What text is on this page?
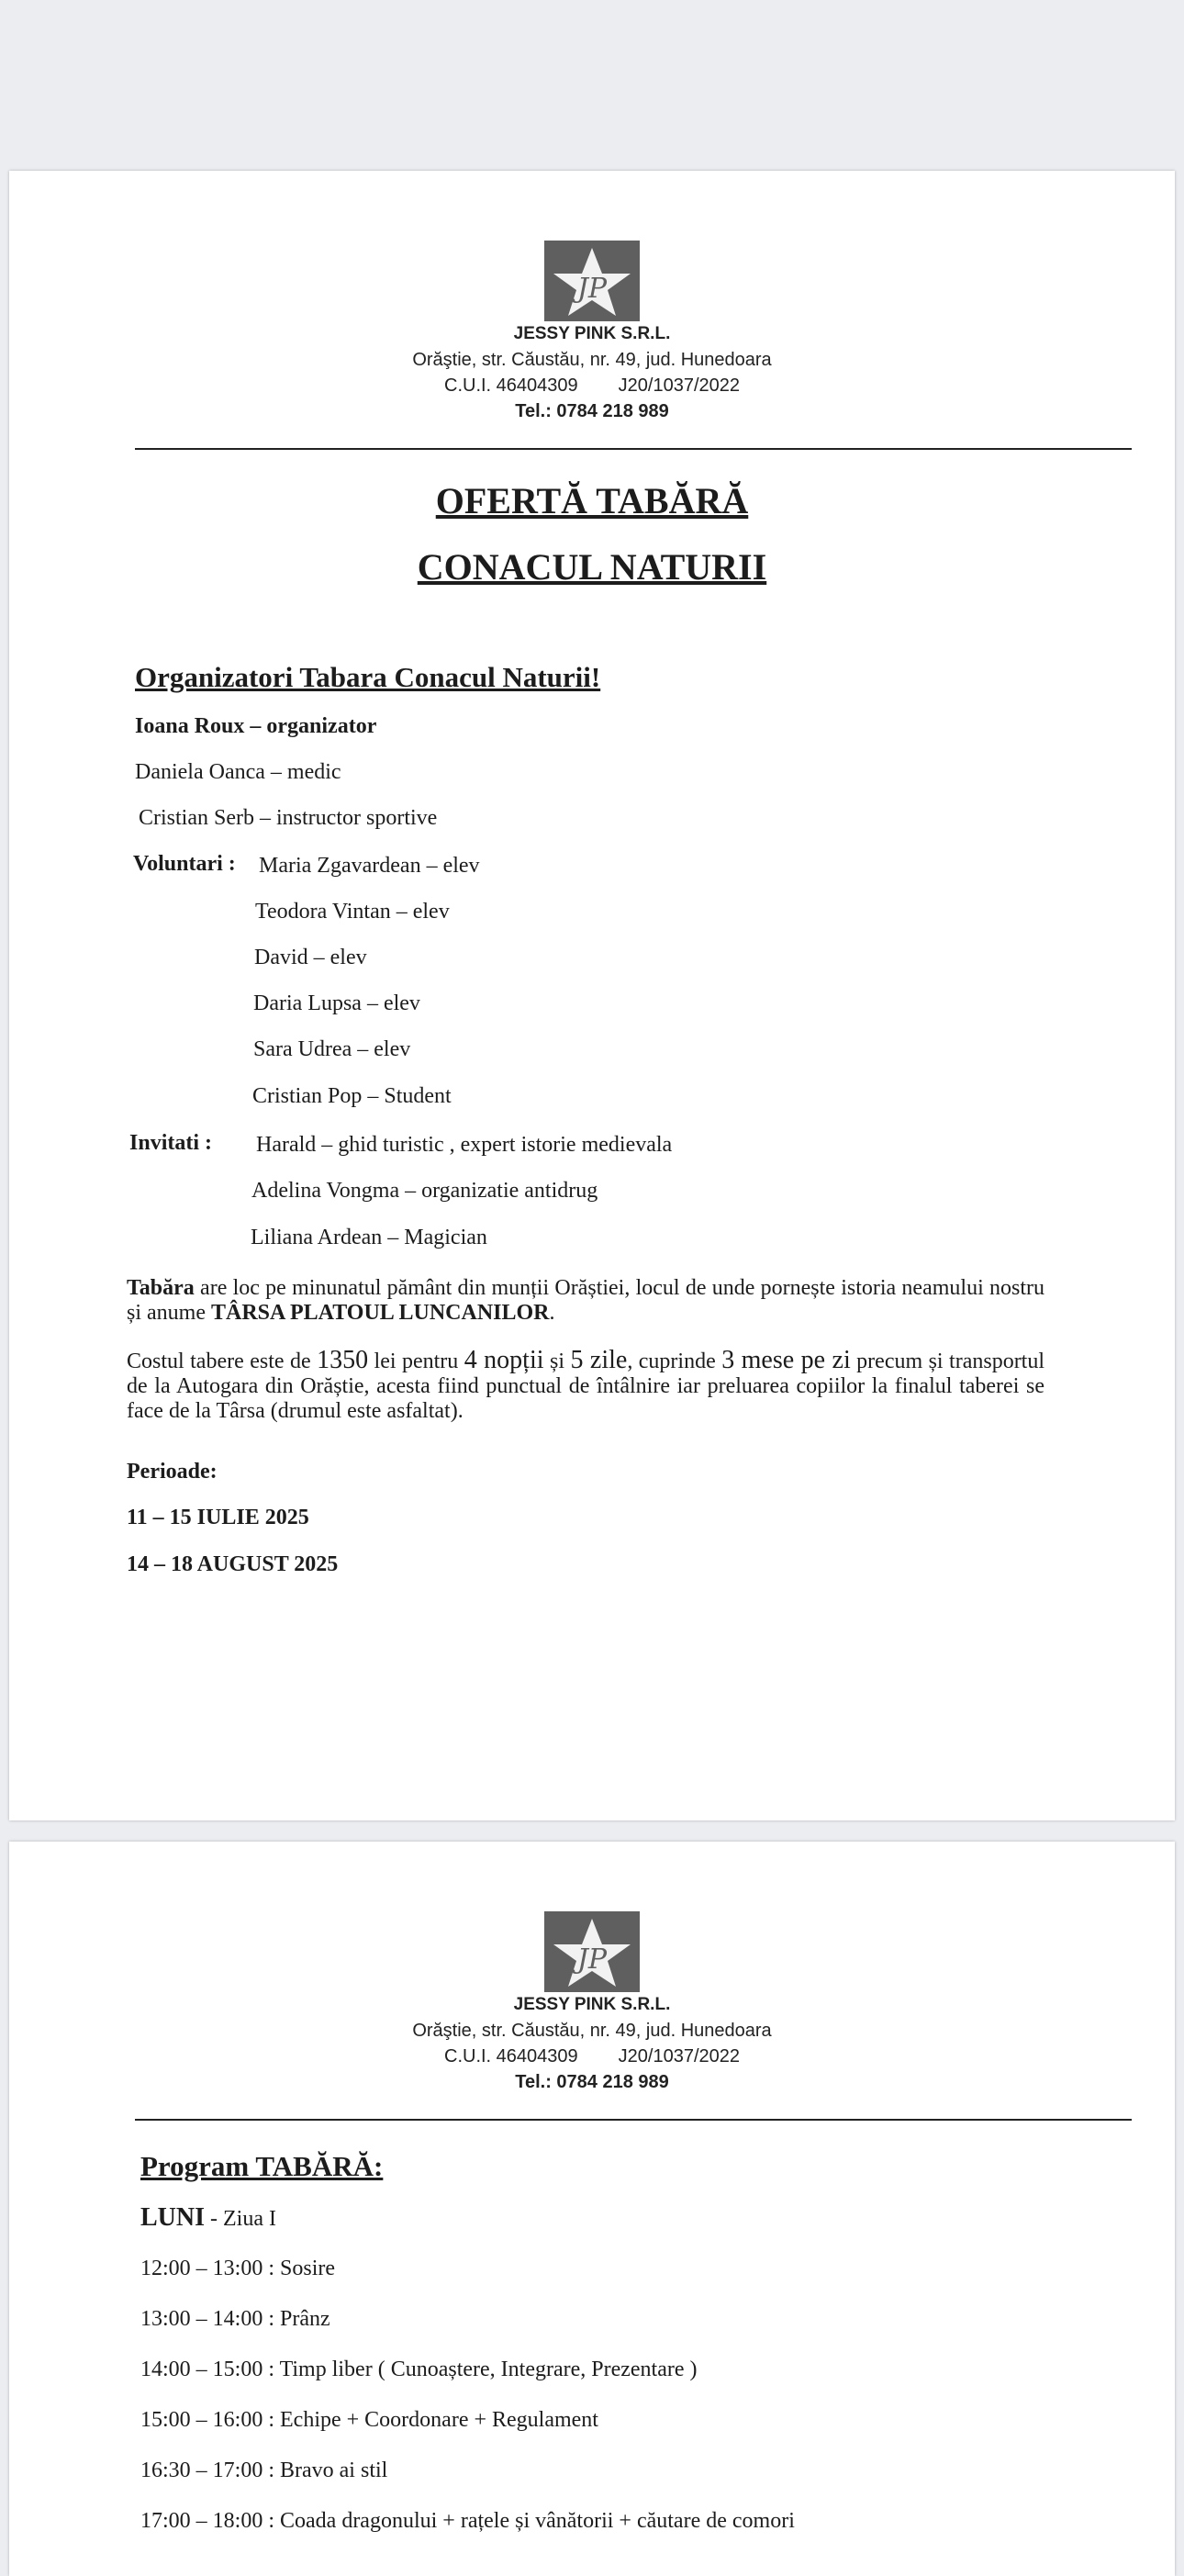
JP
JESSY PINK S.R.L.
Orăştie, str. Căustău, nr. 49, jud. Hunedoara
C.U.I. 46404309 J20/1037/2022
Tel.: 0784 218 989
OFERTĂ TABĂRĂ
CONACUL NATURII
Organizatori Tabara Conacul Naturii!
Ioana Roux – organizator
Daniela Oanca – medic
Cristian Serb – instructor sportive
Voluntari : Maria Zgavardean – elev
Teodora Vintan – elev
David – elev
Daria Lupsa – elev
Sara Udrea – elev
Cristian Pop – Student
Invitati : Harald – ghid turistic , expert istorie medievala
Adelina Vongma – organizatie antidrug
Liliana Ardean – Magician
Tabăra are loc pe minunatul pământ din munții Orăștiei, locul de unde pornește istoria neamului nostru și anume TÂRSA PLATOUL LUNCANILOR.
Costul tabere este de 1350 lei pentru 4 nopții și 5 zile, cuprinde 3 mese pe zi precum și transportul de la Autogara din Orăștie, acesta fiind punctual de întâlnire iar preluarea copiilor la finalul taberei se face de la Târsa (drumul este asfaltat).
Perioade:
11 – 15 IULIE 2025
14 – 18 AUGUST 2025
JP
JESSY PINK S.R.L.
Orăştie, str. Căustău, nr. 49, jud. Hunedoara
C.U.I. 46404309 J20/1037/2022
Tel.: 0784 218 989
Program TABĂRĂ:
LUNI - Ziua I
12:00 – 13:00 : Sosire
13:00 – 14:00 : Prânz
14:00 – 15:00 : Timp liber ( Cunoaștere, Integrare, Prezentare )
15:00 – 16:00 : Echipe + Coordonare + Regulament
16:30 – 17:00 : Bravo ai stil
17:00 – 18:00 : Coada dragonului + rațele și vânătorii + căutare de comori
